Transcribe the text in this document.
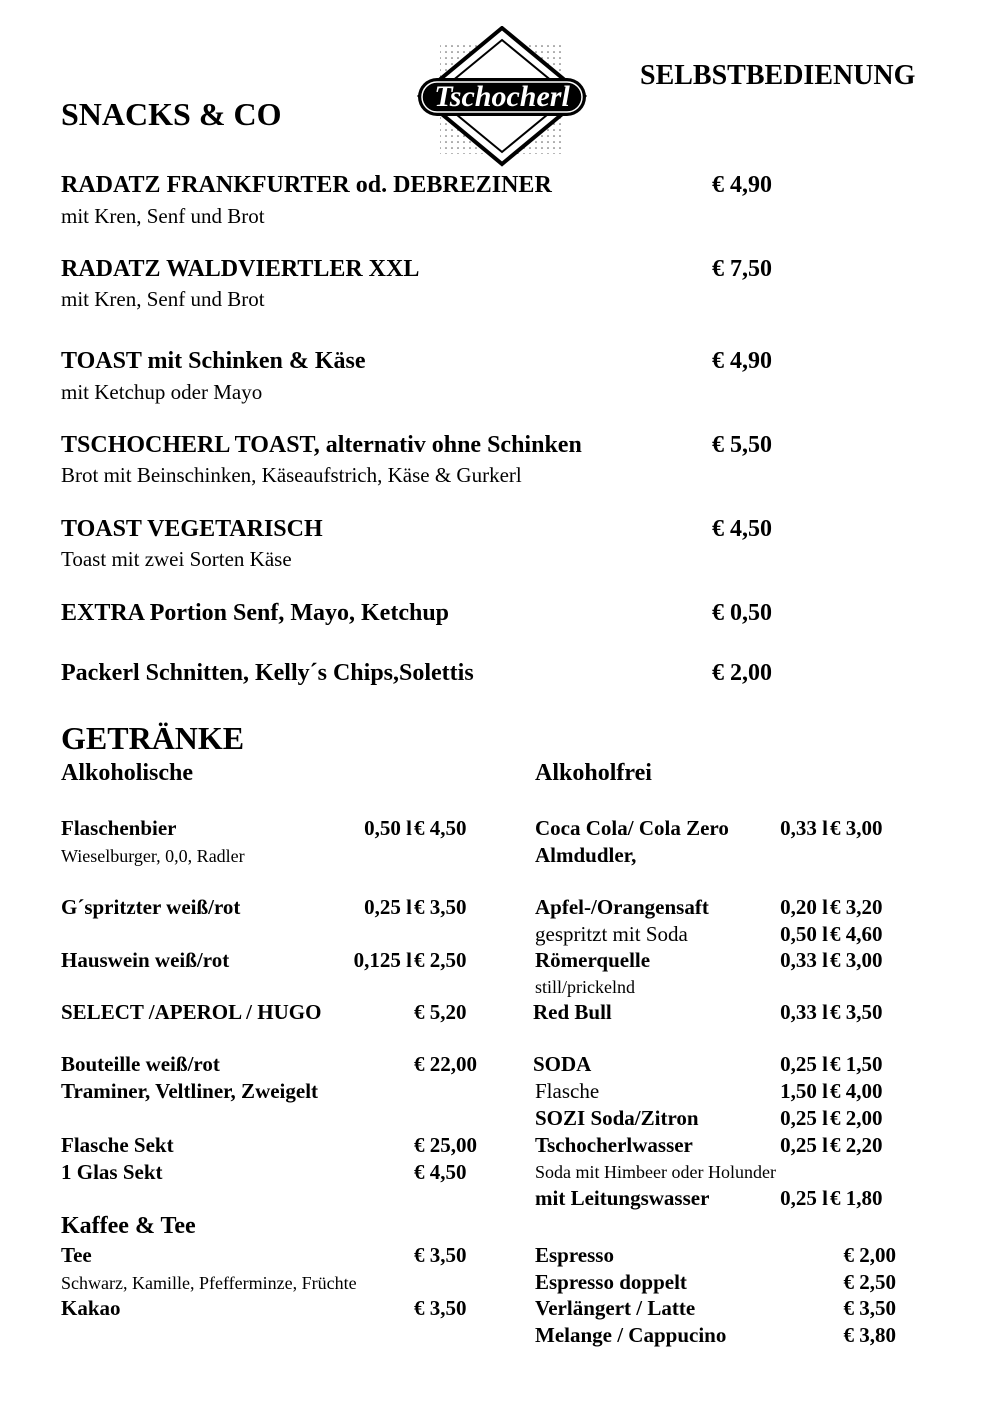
Tschocherl
SELBSTBEDIENUNG
SNACKS & CO
RADATZ FRANKFURTER od. DEBREZINER	€ 4,90
mit Kren, Senf und Brot
RADATZ WALDVIERTLER XXL	€ 7,50
mit Kren, Senf und Brot
TOAST mit Schinken & Käse	€ 4,90
mit Ketchup oder Mayo
TSCHOCHERL TOAST, alternativ ohne Schinken	€ 5,50
Brot mit Beinschinken, Käseaufstrich, Käse & Gurkerl
TOAST VEGETARISCH	€ 4,50
Toast mit zwei Sorten Käse
EXTRA Portion Senf, Mayo, Ketchup	€ 0,50
Packerl Schnitten, Kelly´s Chips,Solettis	€ 2,00
GETRÄNKE
Alkoholische	Alkoholfrei
Flaschenbier	0,50 l € 4,50
Wieselburger, 0,0, Radler
G´spritzter weiß/rot	0,25 l € 3,50
Hauswein weiß/rot	0,125 l € 2,50
SELECT /APEROL / HUGO	€ 5,20
Bouteille weiß/rot	€ 22,00
Traminer, Veltliner, Zweigelt
Flasche Sekt	€ 25,00
1 Glas Sekt	€ 4,50
Kaffee & Tee
Tee	€ 3,50
Schwarz, Kamille, Pfefferminze, Früchte
Kakao	€ 3,50
Coca Cola/ Cola Zero	0,33 l € 3,00
Almdudler,
Apfel-/Orangensaft	0,20 l € 3,20
gespritzt mit Soda	0,50 l € 4,60
Römerquelle	0,33 l € 3,00
still/prickelnd
Red Bull	0,33 l € 3,50
SODA	0,25 l € 1,50
Flasche	1,50 l € 4,00
SOZI Soda/Zitron	0,25 l € 2,00
Tschocherlwasser	0,25 l € 2,20
Soda mit Himbeer oder Holunder
mit Leitungswasser	0,25 l € 1,80
Espresso	€ 2,00
Espresso doppelt	€ 2,50
Verlängert / Latte	€ 3,50
Melange / Cappucino	€ 3,80
